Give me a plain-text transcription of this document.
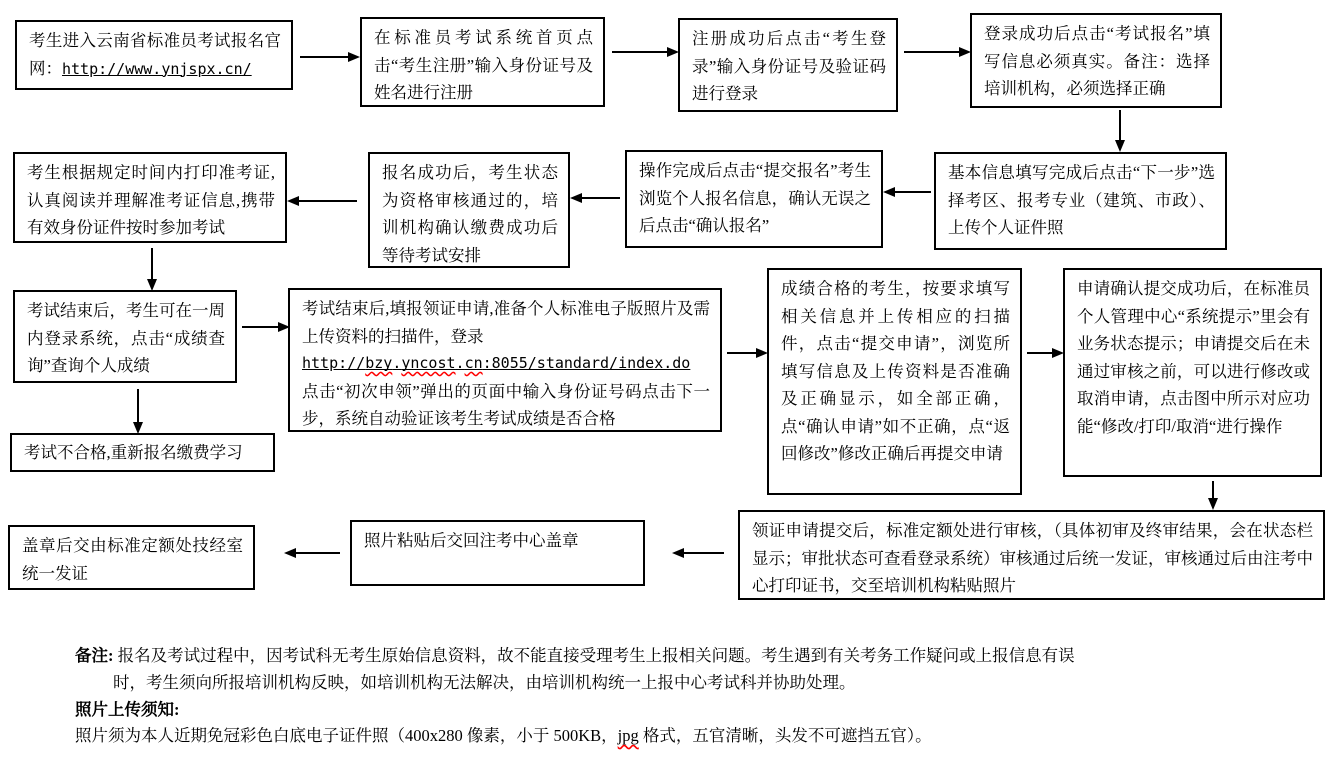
考生进入云南省标准员考试报名官网：http://www.ynjspx.cn/
在标准员考试系统首页点击“考生注册”输入身份证号及姓名进行注册
注册成功后点击“考生登录”输入身份证号及验证码进行登录
登录成功后点击“考试报名”填写信息必须真实。备注：选择培训机构，必须选择正确
基本信息填写完成后点击“下一步”选择考区、报考专业（建筑、市政）、上传个人证件照
操作完成后点击“提交报名”考生浏览个人报名信息，确认无误之后点击“确认报名”
报名成功后，考生状态为资格审核通过的，培训机构确认缴费成功后等待考试安排
考生根据规定时间内打印准考证,认真阅读并理解准考证信息,携带有效身份证件按时参加考试
考试结束后，考生可在一周内登录系统，点击“成绩查询”查询个人成绩
考试不合格,重新报名缴费学习
考试结束后,填报领证申请,准备个人标准电子版照片及需上传资料的扫描件，登录
http://bzy.yncost.cn:8055/standard/index.do
点击“初次申领”弹出的页面中输入身份证号码点击下一步，系统自动验证该考生考试成绩是否合格
成绩合格的考生，按要求填写相关信息并上传相应的扫描件，点击“提交申请”，浏览所填写信息及上传资料是否准确及正确显示，如全部正确，点“确认申请”如不正确，点“返回修改”修改正确后再提交申请
申请确认提交成功后，在标准员个人管理中心“系统提示”里会有业务状态提示；申请提交后在未通过审核之前，可以进行修改或取消申请，点击图中所示对应功能“修改/打印/取消“进行操作
领证申请提交后，标准定额处进行审核，（具体初审及终审结果，会在状态栏显示；审批状态可查看登录系统）审核通过后统一发证，审核通过后由注考中心打印证书，交至培训机构粘贴照片
照片粘贴后交回注考中心盖章
盖章后交由标准定额处技经室统一发证
备注: 报名及考试过程中，因考试科无考生原始信息资料，故不能直接受理考生上报相关问题。考生遇到有关考务工作疑问或上报信息有误
时，考生须向所报培训机构反映，如培训机构无法解决，由培训机构统一上报中心考试科并协助处理。
照片上传须知:
照片须为本人近期免冠彩色白底电子证件照（400x280 像素，小于 500KB，jpg 格式，五官清晰，头发不可遮挡五官）。
